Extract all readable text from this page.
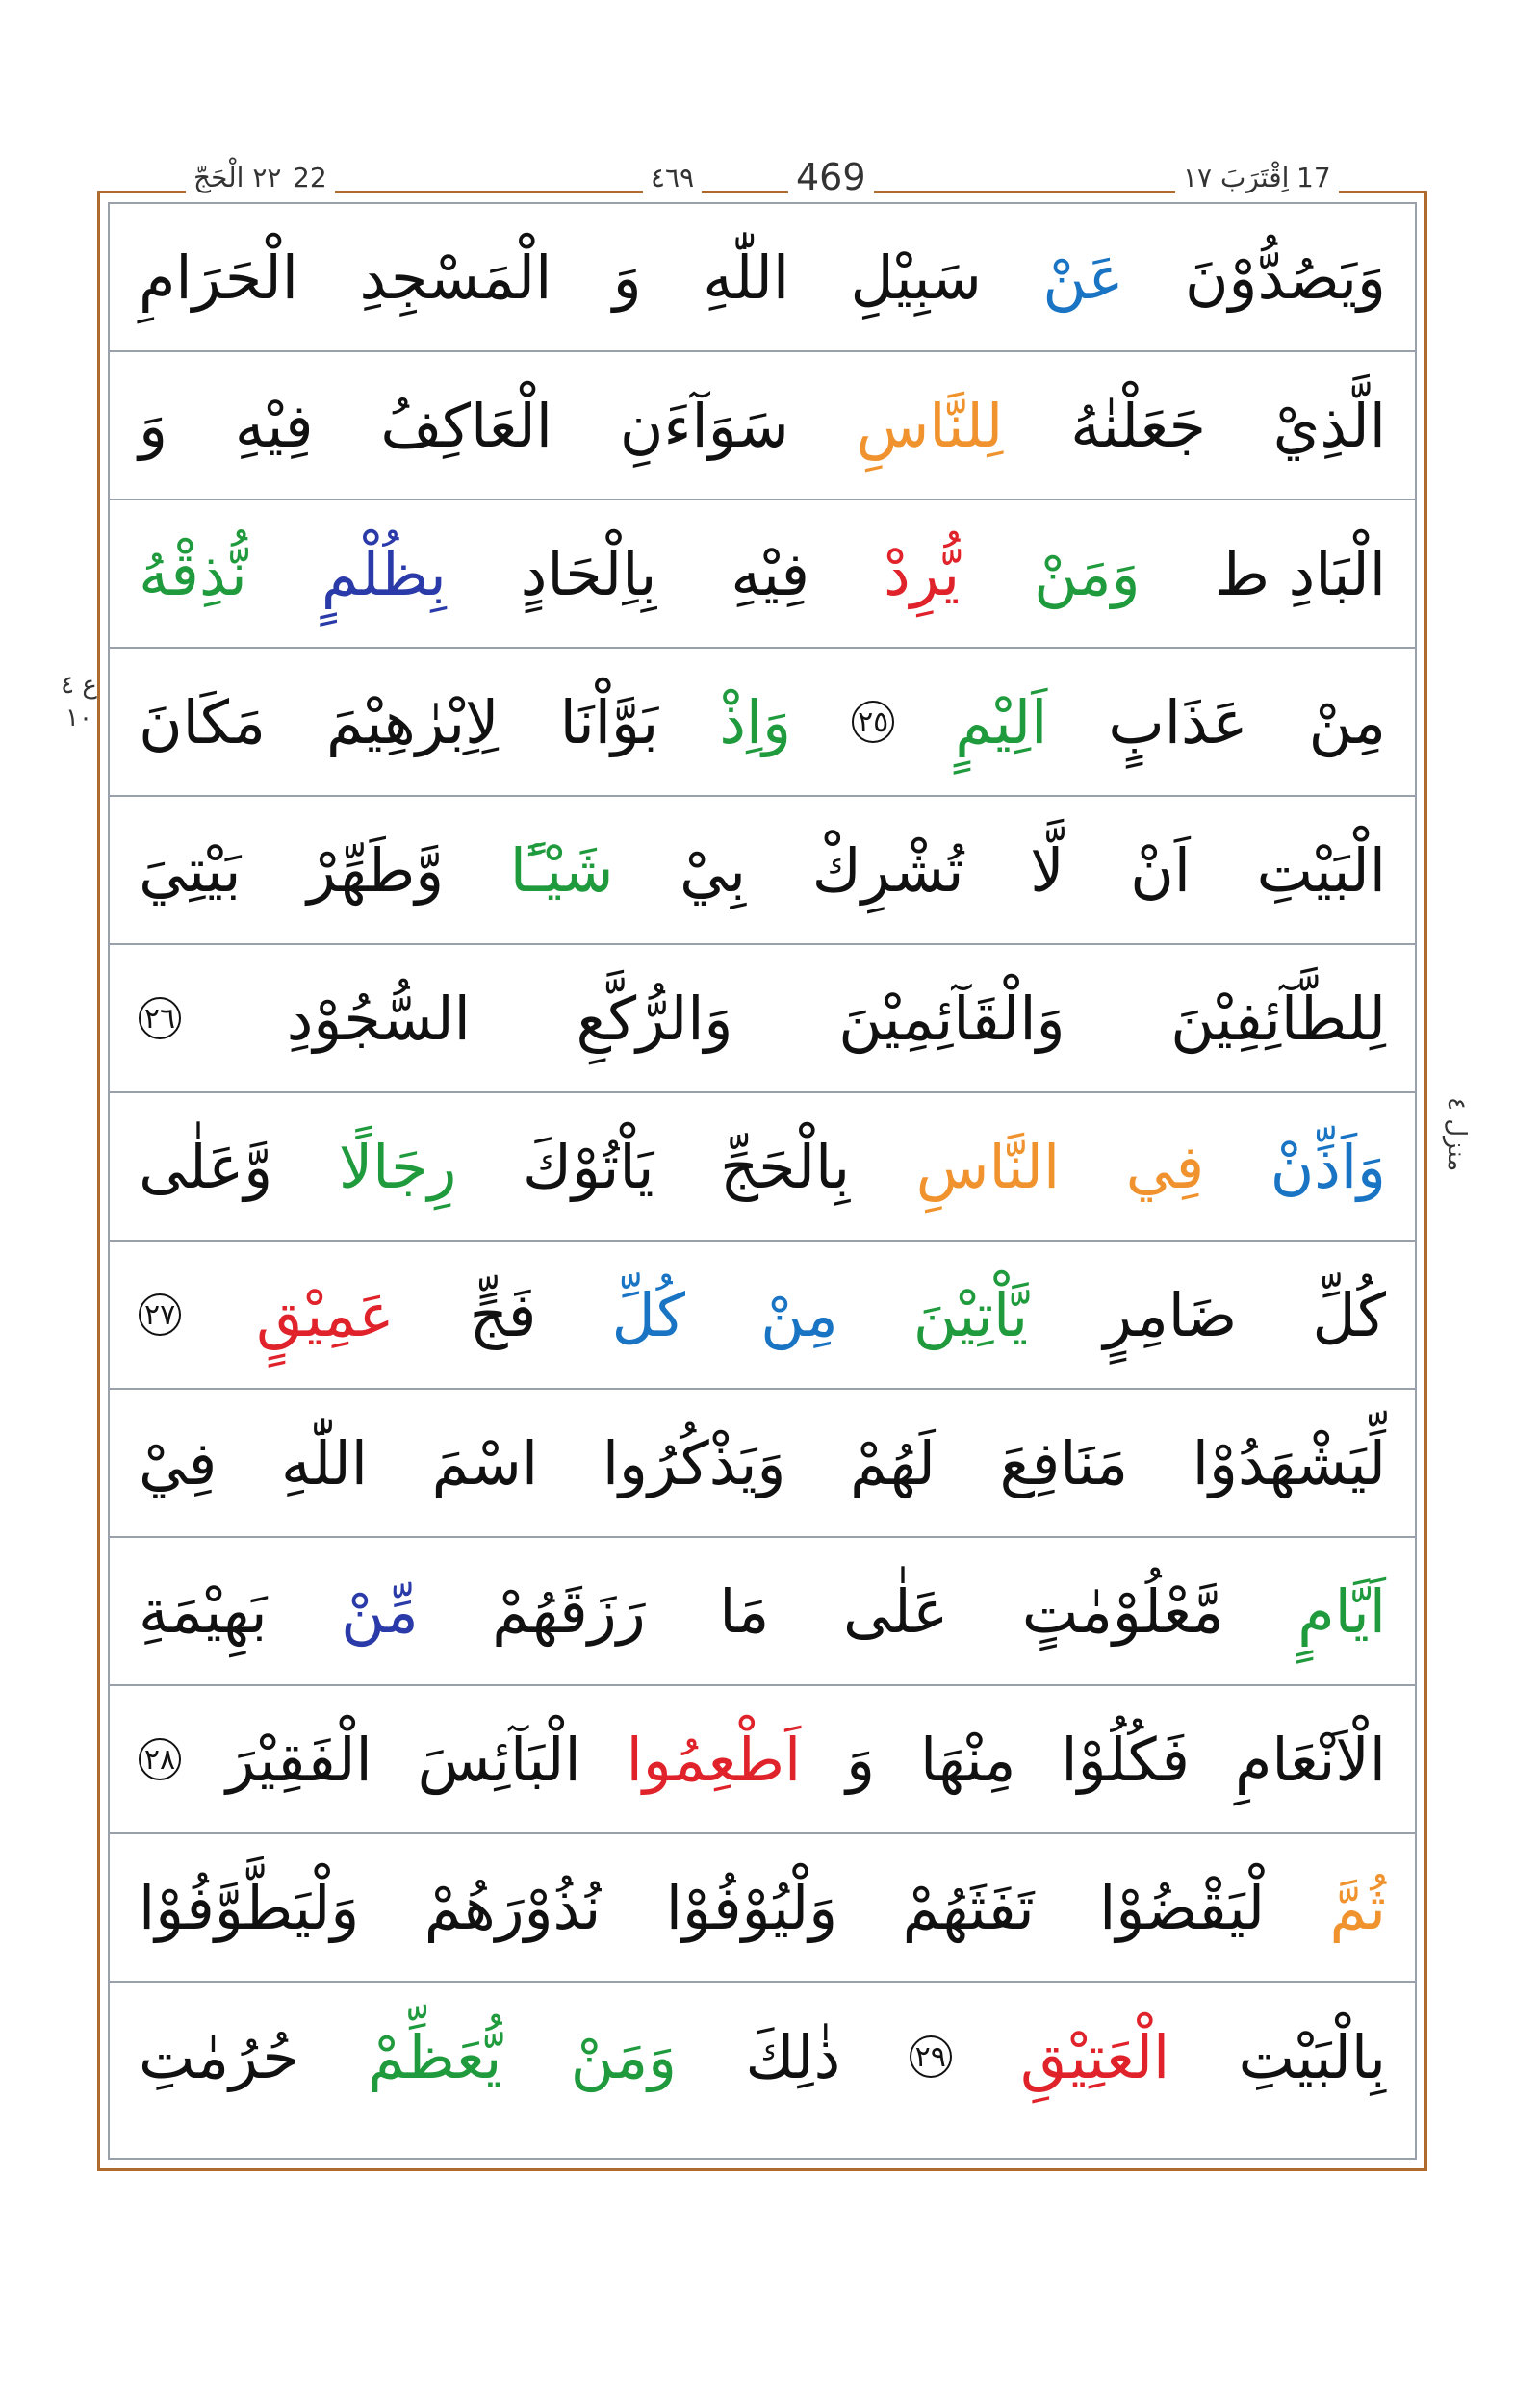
٢٢ الْحَجّ 22	٤٦٩	469	اِقْتَرَبَ ١٧ 17
ع ٤ ١٠
منزل ٤
وَيَصُدُّوْنَ
عَنْ
سَبِيْلِ
اللّٰهِ
وَ
الْمَسْجِدِ
الْحَرَامِ
الَّذِيْ
جَعَلْنٰهُ
لِلنَّاسِ
سَوَآءَنِ
الْعَاكِفُ
فِيْهِ
وَ
الْبَادِ ط
وَمَنْ
يُّرِدْ
فِيْهِ
بِاِلْحَادٍ
بِظُلْمٍ
نُّذِقْهُ
مِنْ
عَذَابٍ
اَلِيْمٍ
٢٥
وَاِذْ
بَوَّاْنَا
لِاِبْرٰهِيْمَ
مَكَانَ
الْبَيْتِ
اَنْ
لَّا
تُشْرِكْ
بِيْ
شَيْـًٔا
وَّطَهِّرْ
بَيْتِيَ
لِلطَّآئِفِيْنَ
وَالْقَآئِمِيْنَ
وَالرُّكَّعِ
السُّجُوْدِ
٢٦
وَاَذِّنْ
فِي
النَّاسِ
بِالْحَجِّ
يَاْتُوْكَ
رِجَالًا
وَّعَلٰى
كُلِّ
ضَامِرٍ
يَّاْتِيْنَ
مِنْ
كُلِّ
فَجٍّ
عَمِيْقٍ
٢٧
لِّيَشْهَدُوْا
مَنَافِعَ
لَهُمْ
وَيَذْكُرُوا
اسْمَ
اللّٰهِ
فِيْ
اَيَّامٍ
مَّعْلُوْمٰتٍ
عَلٰى
مَا
رَزَقَهُمْ
مِّنْ
بَهِيْمَةِ
الْاَنْعَامِ
فَكُلُوْا
مِنْهَا
وَ
اَطْعِمُوا
الْبَآئِسَ
الْفَقِيْرَ
٢٨
ثُمَّ
لْيَقْضُوْا
تَفَثَهُمْ
وَلْيُوْفُوْا
نُذُوْرَهُمْ
وَلْيَطَّوَّفُوْا
بِالْبَيْتِ
الْعَتِيْقِ
٢٩
ذٰلِكَ
وَمَنْ
يُّعَظِّمْ
حُرُمٰتِ
